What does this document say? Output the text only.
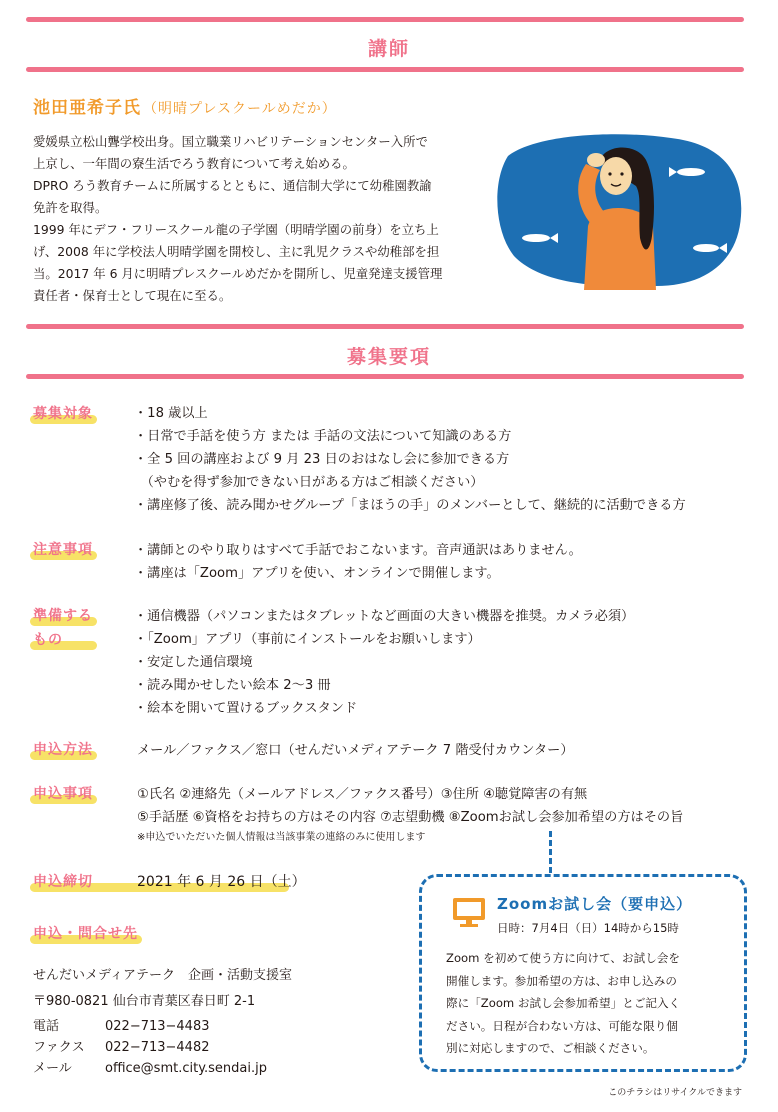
講師
池田亜希子氏 （明晴プレスクールめだか）

愛媛県立松山聾学校出身。国立職業リハビリテーションセンター入所で

上京し、一年間の寮生活でろう教育について考え始める。

DPRO ろう教育チームに所属するとともに、通信制大学にて幼稚園教諭

免許を取得。

1999 年にデフ・フリースクール龍の子学園（明晴学園の前身）を立ち上

げ、2008 年に学校法人明晴学園を開校し、主に乳児クラスや幼稚部を担

当。2017 年 6 月に明晴プレスクールめだかを開所し、児童発達支援管理

責任者・保育士として現在に至る。

募集要項
募集対象	・18 歳以上
・日常で手話を使う方 または 手話の文法について知識のある方
・全 5 回の講座および 9 月 23 日のおはなし会に参加できる方
　（やむを得ず参加できない日がある方はご相談ください）
・講座修了後、読み聞かせグループ「まほうの手」のメンバーとして、継続的に活動できる方
注意事項	・講師とのやり取りはすべて手話でおこないます。音声通訳はありません。
・講座は「Zoom」アプリを使い、オンラインで開催します。
準備する
もの
・通信機器（パソコンまたはタブレットなど画面の大きい機器を推奨。カメラ必須）
・「Zoom」アプリ（事前にインストールをお願いします）
・安定した通信環境
・読み聞かせしたい絵本 2〜3 冊
・絵本を開いて置けるブックスタンド
申込方法	メール／ファクス／窓口（せんだいメディアテーク 7 階受付カウンター）
申込事項	①氏名 ②連絡先（メールアドレス／ファクス番号）③住所 ④聴覚障害の有無
⑤手話歴 ⑥資格をお持ちの方はその内容 ⑦志望動機 ⑧Zoomお試し会参加希望の方はその旨
※申込でいただいた個人情報は当該事業の連絡のみに使用します
申込締切	2021 年 6 月 26 日（土）
申込・問合せ先
せんだいメディアテーク　企画・活動支援室
〒980-0821 仙台市青葉区春日町 2-1
電話	022−713−4483
ファクス 022−713−4482
メール	office@smt.city.sendai.jp
Zoomお試し会（要申込）
日時：7月4日（日）14時から15時
Zoom を初めて使う方に向けて、お試し会を
開催します。参加希望の方は、お申し込みの
際に「Zoom お試し会参加希望」とご記入く
ださい。日程が合わない方は、可能な限り個
別に対応しますので、ご相談ください。
このチラシはリサイクルできます
